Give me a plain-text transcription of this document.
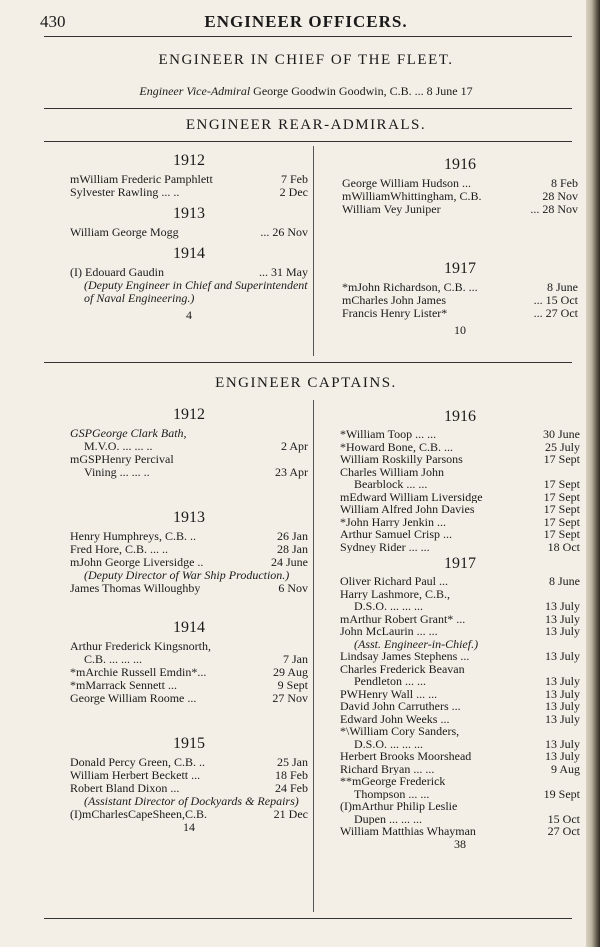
430	ENGINEER OFFICERS.
ENGINEER IN CHIEF OF THE FLEET.
Engineer Vice-Admiral George Goodwin Goodwin, C.B. ... 8 June 17
ENGINEER REAR-ADMIRALS.
1912
mWilliam Frederic Pamphlett	7 Feb
Sylvester Rawling ... ..	2 Dec
1913
William George Mogg	... 26 Nov
1914
(I) Edouard Gaudin	... 31 May
(Deputy Engineer in Chief and Superintendent of Naval Engineering.)
4
1916
George William Hudson ...	8 Feb
mWilliamWhittingham, C.B.	28 Nov
William Vey Juniper	... 28 Nov
1917
*mJohn Richardson, C.B. ...	8 June
mCharles John James	... 15 Oct
Francis Henry Lister*	... 27 Oct
10
ENGINEER CAPTAINS.
1912
GSPGeorge Clark Bath,
M.V.O. ... ... ..	2 Apr
mGSPHenry Percival
Vining ... ... ..	23 Apr
1913
Henry Humphreys, C.B. ..	26 Jan
Fred Hore, C.B. ... ..	28 Jan
mJohn George Liversidge ..	24 June
(Deputy Director of War Ship Production.)
James Thomas Willoughby	6 Nov
1914
Arthur Frederick Kingsnorth,
C.B. ... ... ...	7 Jan
*mArchie Russell Emdin*...	29 Aug
*mMarrack Sennett ...	9 Sept
George William Roome ...	27 Nov
1915
Donald Percy Green, C.B. ..	25 Jan
William Herbert Beckett ...	18 Feb
Robert Bland Dixon ...	24 Feb
(Assistant Director of Dockyards & Repairs)
(I)mCharlesCapeSheen,C.B.	21 Dec
14
1916
*William Toop ... ...	30 June
*Howard Bone, C.B. ...	25 July
William Roskilly Parsons	17 Sept
Charles William John
Bearblock ... ...	17 Sept
mEdward William Liversidge	17 Sept
William Alfred John Davies	17 Sept
*John Harry Jenkin ...	17 Sept
Arthur Samuel Crisp ...	17 Sept
Sydney Rider ... ...	18 Oct
1917
Oliver Richard Paul ...	8 June
Harry Lashmore, C.B.,
D.S.O. ... ... ...	13 July
mArthur Robert Grant* ...	13 July
John McLaurin ... ...	13 July
(Asst. Engineer-in-Chief.)
Lindsay James Stephens ...	13 July
Charles Frederick Beavan
Pendleton ... ...	13 July
PWHenry Wall ... ...	13 July
David John Carruthers ...	13 July
Edward John Weeks ...	13 July
*\William Cory Sanders,
D.S.O. ... ... ...	13 July
Herbert Brooks Moorshead	13 July
Richard Bryan ... ...	9 Aug
**mGeorge Frederick
Thompson ... ...	19 Sept
(I)mArthur Philip Leslie
Dupen ... ... ...	15 Oct
William Matthias Whayman	27 Oct
38
